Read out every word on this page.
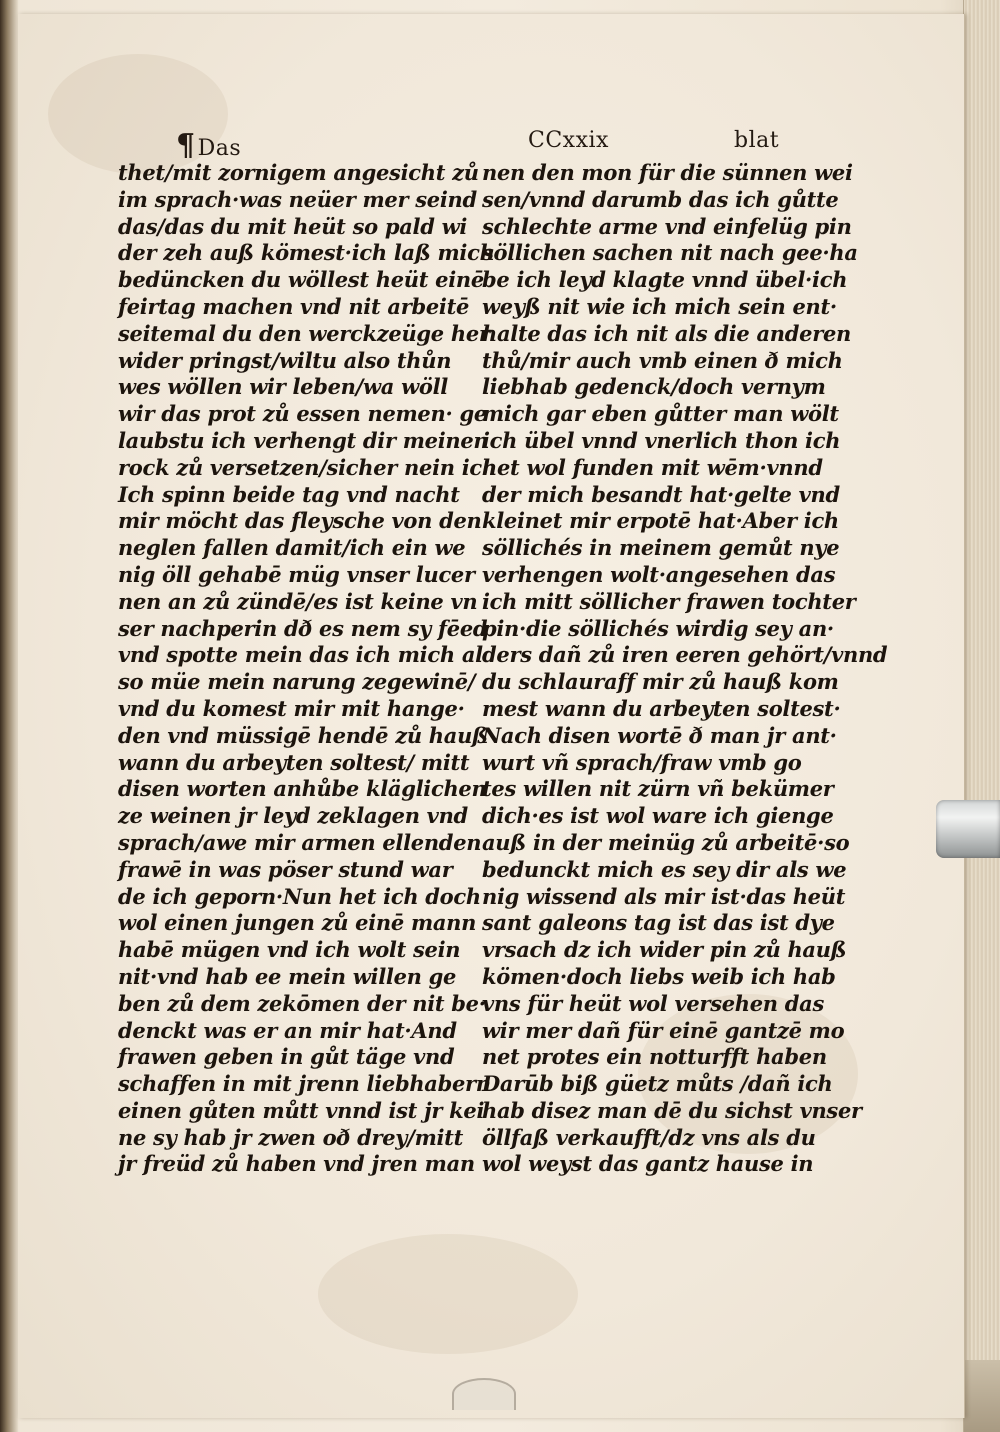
¶Das	CCxxix	blat
thet/mit zornigem angesicht zů
im sprach·was neüer mer seind
das/das du mit heüt so pald wi
der zeh auß kömest·ich laß mich
bedüncken du wöllest heüt einē
feirtag machen vnd nit arbeitē
seitemal du den werckzeüge her
wider pringst/wiltu also thůn
wes wöllen wir leben/wa wöll
wir das prot zů essen nemen· ge
laubstu ich verhengt dir meinen
rock zů versetzen/sicher nein ich
Ich spinn beide tag vnd nacht
mir möcht das fleysche von den
neglen fallen damit/ich ein we
nig öll gehabē müg vnser lucer
nen an zů zündē/es ist keine vn
ser nachperin dð es nem sy fēed
vnd spotte mein das ich mich al
so müe mein narung zegewinē/
vnd du komest mir mit hange·
den vnd müssigē hendē zů hauß
wann du arbeyten soltest/ mitt
disen worten anhůbe kläglichen
ze weinen jr leyd zeklagen vnd
sprach/awe mir armen ellenden
frawē in was pöser stund war
de ich geporn·Nun het ich doch
wol einen jungen zů einē mann
habē mügen vnd ich wolt sein
nit·vnd hab ee mein willen ge
ben zů dem zekōmen der nit be·
denckt was er an mir hat·And
frawen geben in gůt täge vnd
schaffen in mit jrenn liebhabern
einen gůten můtt vnnd ist jr kei
ne sy hab jr zwen oð drey/mitt
jr freüd zů haben vnd jren man
nen den mon für die sünnen wei
sen/vnnd darumb das ich gůtte
schlechte arme vnd einfelüg pin
söllichen sachen nit nach gee·ha
be ich leyd klagte vnnd übel·ich
weyß nit wie ich mich sein ent·
halte das ich nit als die anderen
thů/mir auch vmb einen ð mich
liebhab gedenck/doch vernym
mich gar eben gůtter man wölt
ich übel vnnd vnerlich thon ich
het wol funden mit wēm·vnnd
der mich besandt hat·gelte vnd
kleinet mir erpotē hat·Aber ich
söllichés in meinem gemůt nye
verhengen wolt·angesehen das
ich mitt söllicher frawen tochter
pin·die söllichés wirdig sey an·
ders dañ zů iren eeren gehört/vnnd
du schlauraff mir zů hauß kom
mest wann du arbeyten soltest·
Nach disen wortē ð man jr ant·
wurt vñ sprach/fraw vmb go
tes willen nit zürn vñ bekümer
dich·es ist wol ware ich gienge
auß in der meinüg zů arbeitē·so
bedunckt mich es sey dir als we
nig wissend als mir ist·das heüt
sant galeons tag ist das ist dye
vrsach dz ich wider pin zů hauß
kömen·doch liebs weib ich hab
vns für heüt wol versehen das
wir mer dañ für einē gantzē mo
net protes ein notturfft haben
Darūb biß güetz můts /dañ ich
hab disez man dē du sichst vnser
öllfaß verkaufft/dz vns als du
wol weyst das gantz hause in
